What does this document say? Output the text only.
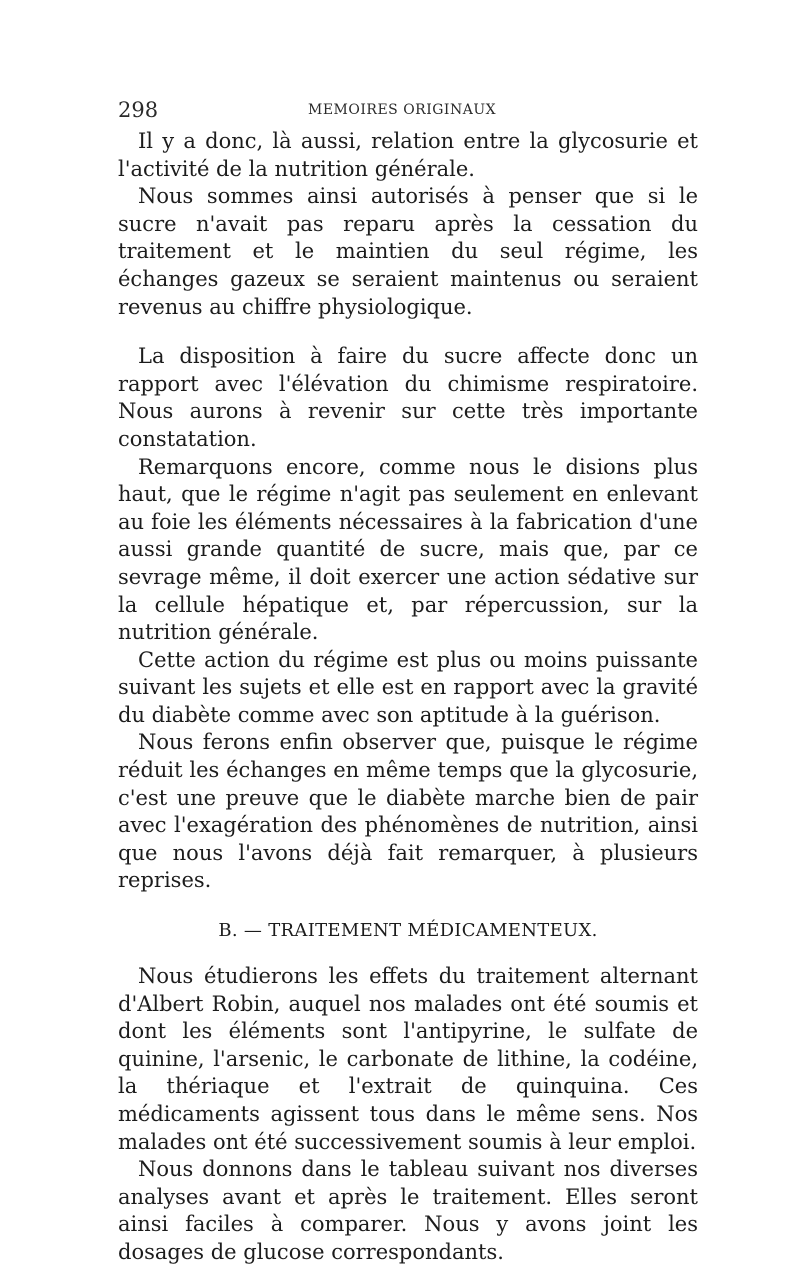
298	MEMOIRES ORIGINAUX

Il y a donc, là aussi, relation entre la glycosurie et l'activité de la nutrition générale.

Nous sommes ainsi autorisés à penser que si le sucre n'avait pas reparu après la cessation du traitement et le maintien du seul régime, les échanges gazeux se seraient maintenus ou seraient revenus au chiffre physiologique.

La disposition à faire du sucre affecte donc un rapport avec l'élévation du chimisme respiratoire. Nous aurons à revenir sur cette très importante constatation.

Remarquons encore, comme nous le disions plus haut, que le régime n'agit pas seulement en enlevant au foie les éléments nécessaires à la fabrication d'une aussi grande quantité de sucre, mais que, par ce sevrage même, il doit exercer une action sédative sur la cellule hépatique et, par répercussion, sur la nutrition générale.

Cette action du régime est plus ou moins puissante suivant les sujets et elle est en rapport avec la gravité du diabète comme avec son aptitude à la guérison.

Nous ferons enfin observer que, puisque le régime réduit les échanges en même temps que la glycosurie, c'est une preuve que le diabète marche bien de pair avec l'exagération des phénomènes de nutrition, ainsi que nous l'avons déjà fait remarquer, à plusieurs reprises.

B. — TRAITEMENT MÉDICAMENTEUX.

Nous étudierons les effets du traitement alternant d'Albert Robin, auquel nos malades ont été soumis et dont les éléments sont l'antipyrine, le sulfate de quinine, l'arsenic, le carbonate de lithine, la codéine, la thériaque et l'extrait de quinquina. Ces médicaments agissent tous dans le même sens. Nos malades ont été successivement soumis à leur emploi.

Nous donnons dans le tableau suivant nos diverses analyses avant et après le traitement. Elles seront ainsi faciles à comparer. Nous y avons joint les dosages de glucose correspondants.
